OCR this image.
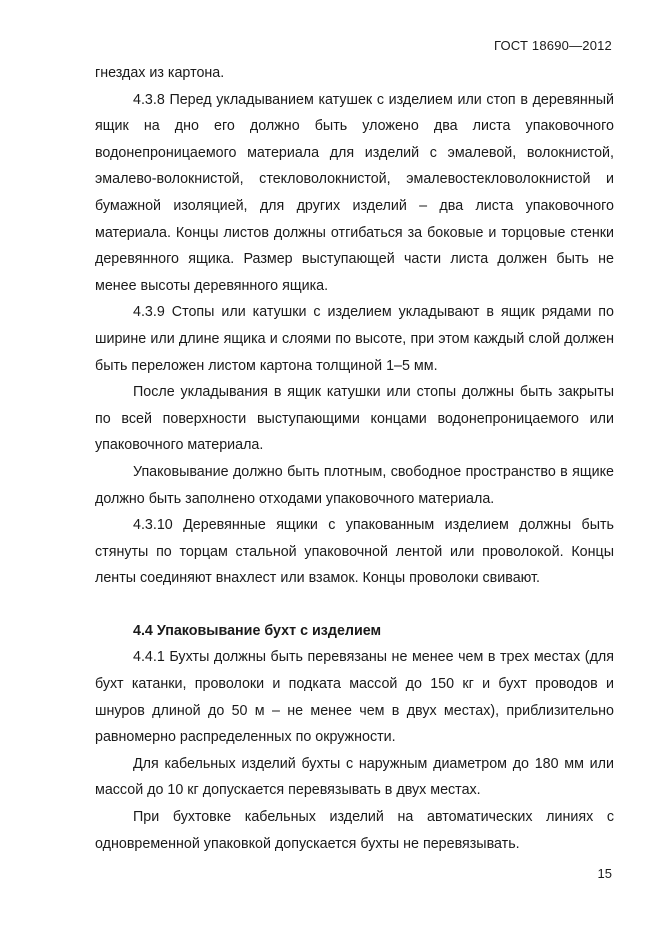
ГОСТ 18690—2012

гнездах из картона.

4.3.8 Перед укладыванием катушек с изделием или стоп в деревянный ящик на дно его должно быть уложено два листа упаковочного водонепроницаемого материала для изделий с эмалевой, волокнистой, эмалево-волокнистой, стекловолокнистой, эмалевостекловолокнистой и бумажной изоляцией, для других изделий – два листа упаковочного материала. Концы листов должны отгибаться за боковые и торцовые стенки деревянного ящика. Размер выступающей части листа должен быть не менее высоты деревянного ящика.

4.3.9 Стопы или катушки с изделием укладывают в ящик рядами по ширине или длине ящика и слоями по высоте, при этом каждый слой должен быть переложен листом картона толщиной 1–5 мм.

После укладывания в ящик катушки или стопы должны быть закрыты по всей поверхности выступающими концами водонепроницаемого или упаковочного материала.

Упаковывание должно быть плотным, свободное пространство в ящике должно быть заполнено отходами упаковочного материала.

4.3.10 Деревянные ящики с упакованным изделием должны быть стянуты по торцам стальной упаковочной лентой или проволокой. Концы ленты соединяют внахлест или взамок. Концы проволоки свивают.

4.4 Упаковывание бухт с изделием

4.4.1 Бухты должны быть перевязаны не менее чем в трех местах (для бухт катанки, проволоки и подката массой до 150 кг и бухт проводов и шнуров длиной до 50 м – не менее чем в двух местах), приблизительно равномерно распределенных по окружности.

Для кабельных изделий бухты с наружным диаметром до 180 мм или массой до 10 кг допускается перевязывать в двух местах.

При бухтовке кабельных изделий на автоматических линиях с одновременной упаковкой допускается бухты не перевязывать.

15
